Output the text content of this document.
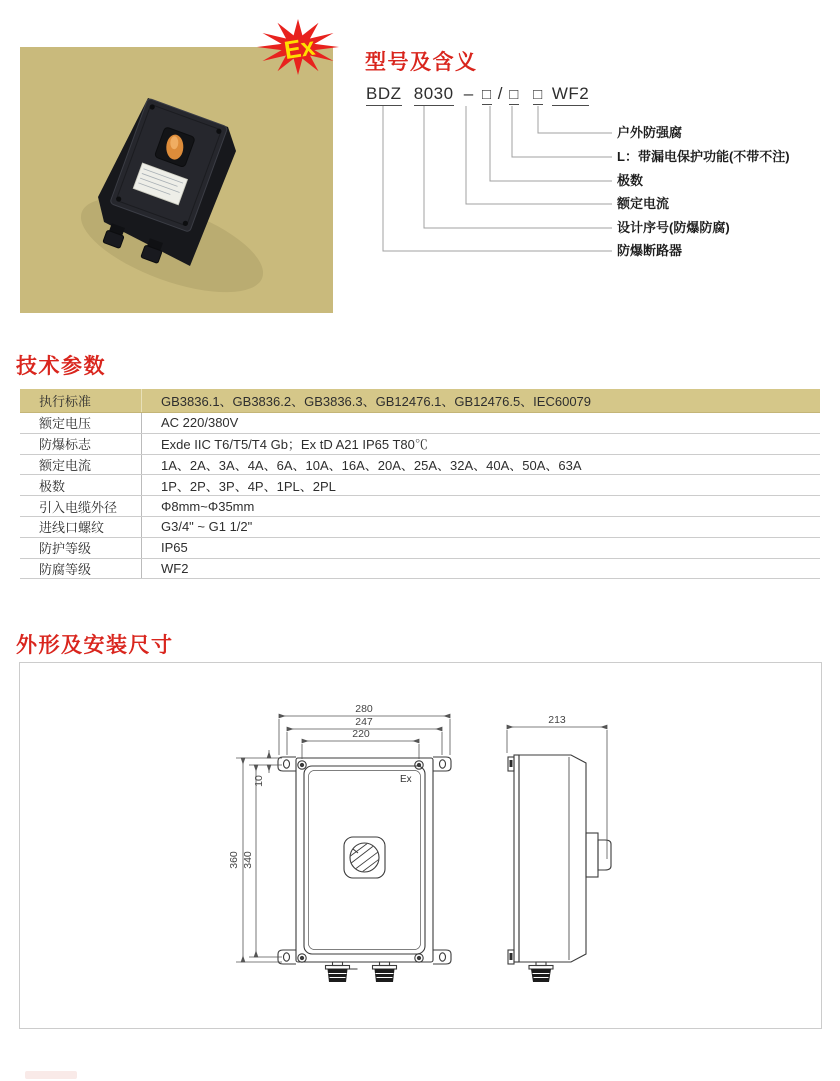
Ex 型号及含义
技术参数
外形及安装尺寸
BDZ 8030 – □ / □ □ WF2
户外防强腐
L：带漏电保护功能(不带不注)
极数
额定电流
设计序号(防爆防腐)
防爆断路器
执行标准	GB3836.1、GB3836.2、GB3836.3、GB12476.1、GB12476.5、IEC60079
额定电压	AC 220/380V
防爆标志	Exde IIC T6/T5/T4 Gb；Ex tD A21 IP65 T80℃
额定电流	1A、2A、3A、4A、6A、10A、16A、20A、25A、32A、40A、50A、63A
极数	1P、2P、3P、4P、1PL、2PL
引入电缆外径	Φ8mm~Φ35mm
进线口螺纹	G3/4" ~ G1 1/2"
防护等级	IP65
防腐等级	WF2
Ex
280
247
220
360 340
10
213
